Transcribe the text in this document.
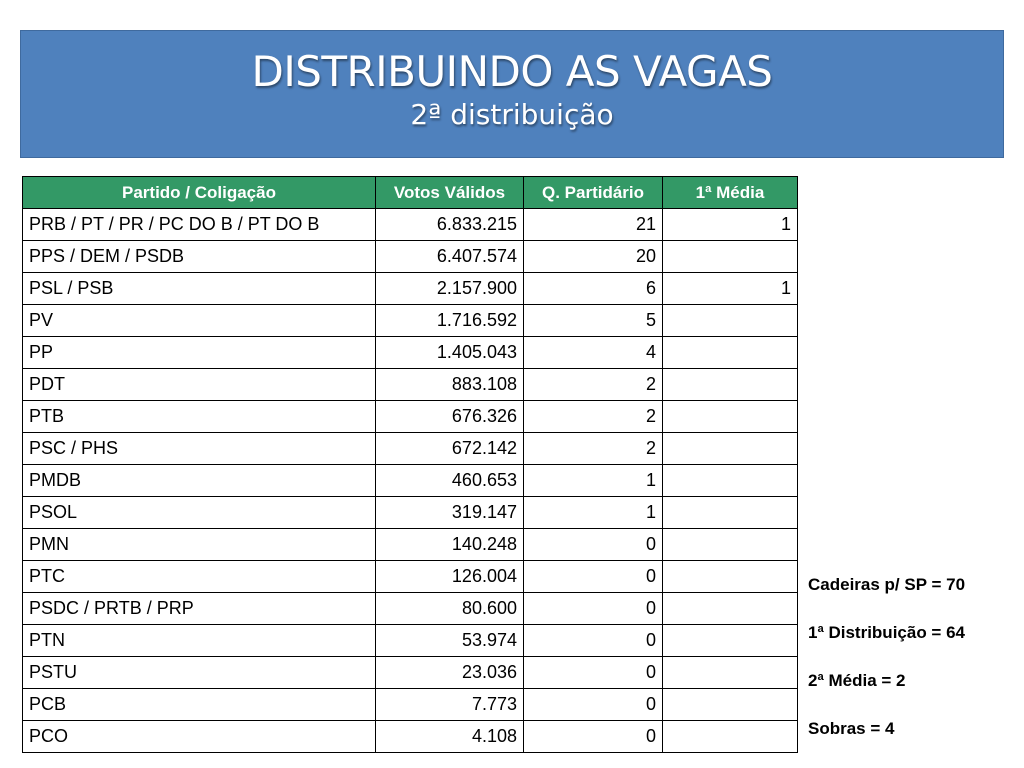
DISTRIBUINDO AS VAGAS
2ª distribuição
Partido / Coligação	Votos Válidos	Q. Partidário	1ª Média
PRB / PT / PR / PC DO B / PT DO B	6.833.215	21	1
PPS / DEM / PSDB	6.407.574	20	
PSL / PSB	2.157.900	6	1
PV	1.716.592	5	
PP	1.405.043	4	
PDT	883.108	2	
PTB	676.326	2	
PSC / PHS	672.142	2	
PMDB	460.653	1	
PSOL	319.147	1	
PMN	140.248	0	
PTC	126.004	0	
PSDC / PRTB / PRP	80.600	0	
PTN	53.974	0	
PSTU	23.036	0	
PCB	7.773	0	
PCO	4.108	0	
Cadeiras p/ SP = 70
1ª Distribuição = 64
2ª Média = 2
Sobras = 4
